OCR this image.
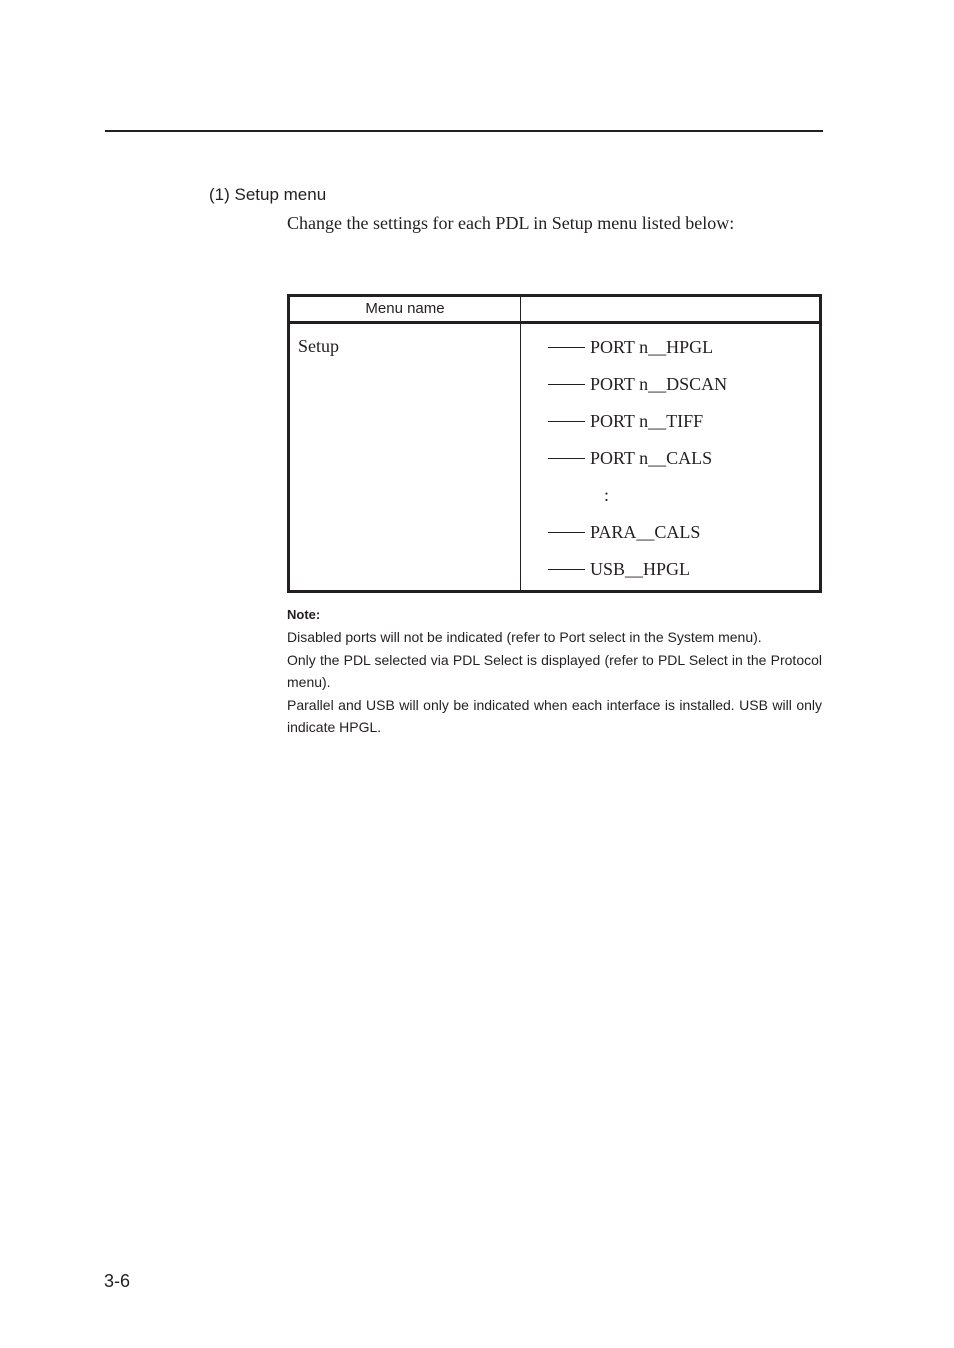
(1) Setup menu
Change the settings for each PDL in Setup menu listed below:
Menu name
Setup	PORT n__HPGL
PORT n__DSCAN
PORT n__TIFF
PORT n__CALS
:
PARA__CALS
USB__HPGL
Note:

Disabled ports will not be indicated (refer to Port select in the System menu).

Only the PDL selected via PDL Select is displayed (refer to PDL Select in the Protocol menu).

Parallel and USB will only be indicated when each interface is installed. USB will only indicate HPGL.

3-6
